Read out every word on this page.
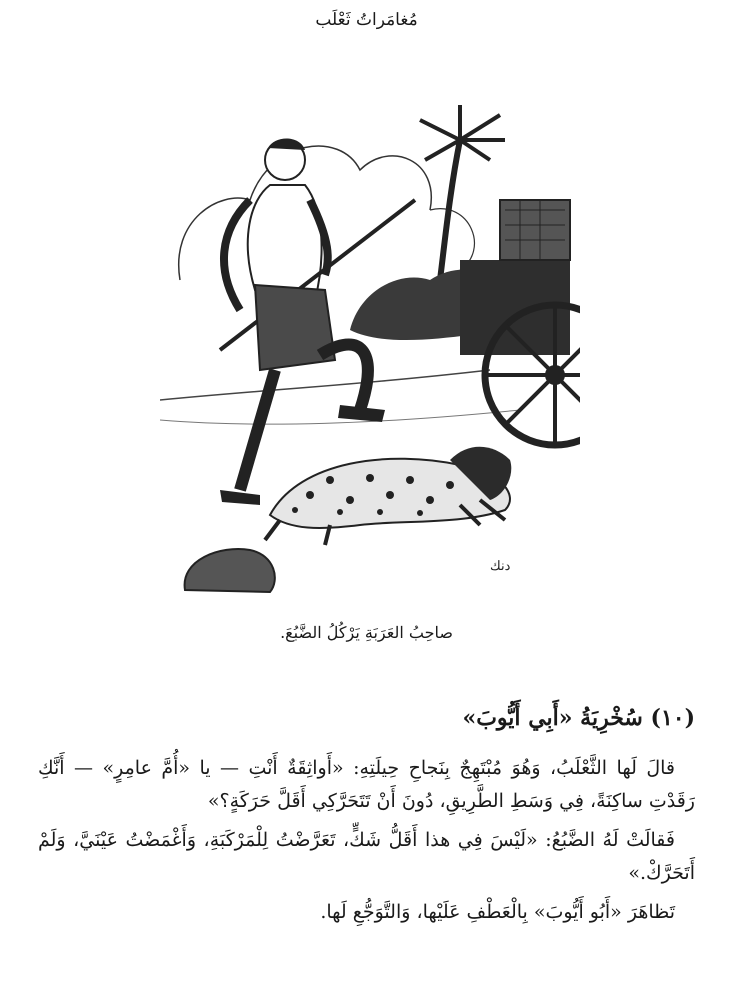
مُغامَراتُ ثَعْلَب
دنك
صاحِبُ العَرَبَةِ يَرْكُلُ الضَّبُعَ.
(١٠) سُخْرِيَةُ «أَبِي أَيُّوبَ»

قالَ لَها الثَّعْلَبُ، وَهُوَ مُبْتَهِجٌ بِنَجاحِ حِيلَتِهِ: «أَواثِقَةٌ أَنْتِ — يا «أُمَّ عامِرٍ» — أَنَّكِ رَقَدْتِ ساكِنَةً، فِي وَسَطِ الطَّرِيقِ، دُونَ أَنْ تَتَحَرَّكِي أَقَلَّ حَرَكَةٍ؟»

فَقالَتْ لَهُ الضَّبُعُ: «لَيْسَ فِي هذا أَقَلُّ شَكٍّ، تَعَرَّضْتُ لِلْمَرْكَبَةِ، وَأَغْمَضْتُ عَيْنَيَّ، وَلَمْ أَتَحَرَّكْ.»

تَظاهَرَ «أَبُو أَيُّوبَ» بِالْعَطْفِ عَلَيْها، وَالتَّوَجُّعِ لَها.
